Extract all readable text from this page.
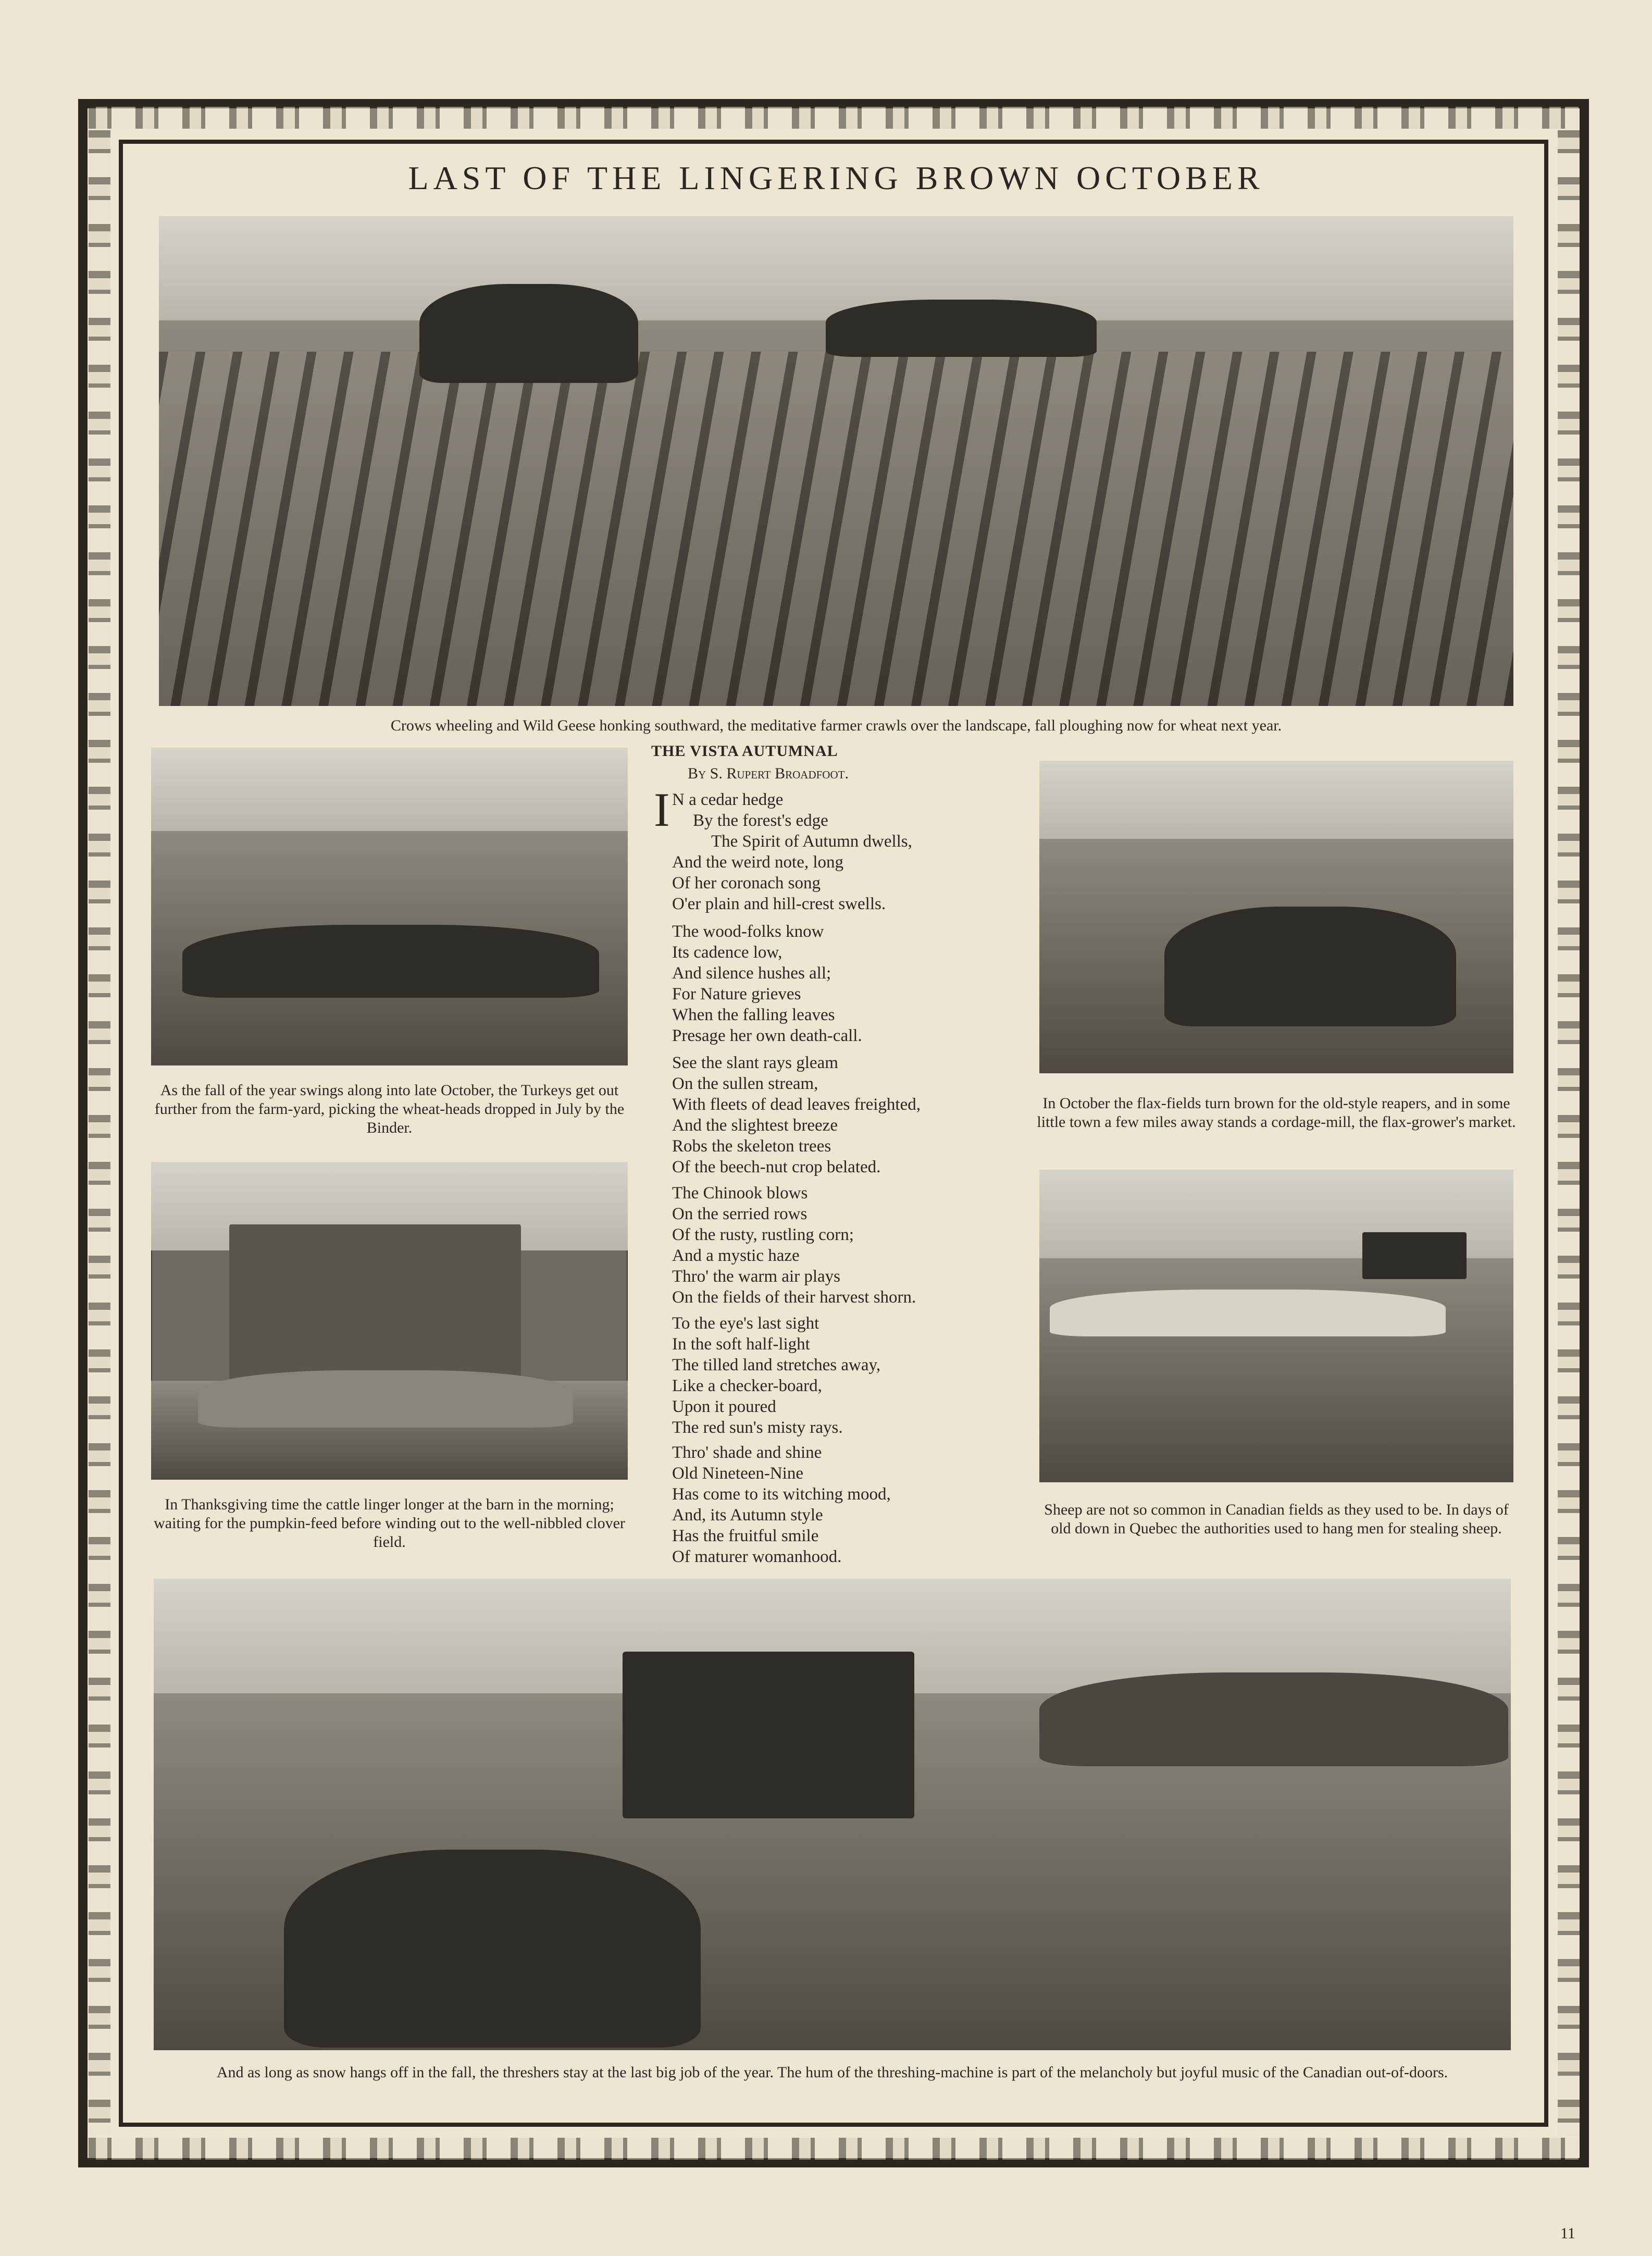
LAST OF THE LINGERING BROWN OCTOBER
Crows wheeling and Wild Geese honking southward, the meditative farmer crawls over the landscape, fall ploughing now for wheat next year.
As the fall of the year swings along into late October, the Turkeys get out further from the farm-yard, picking the wheat-heads dropped in July by the Binder.
In October the flax-fields turn brown for the old-style reapers, and in some little town a few miles away stands a cordage-mill, the flax-grower's market.
THE VISTA AUTUMNAL
By S. Rupert Broadfoot.
I N a cedar hedge
By the forest's edge
The Spirit of Autumn dwells,
And the weird note, long
Of her coronach song
O'er plain and hill-crest swells.
The wood-folks know
Its cadence low,
And silence hushes all;
For Nature grieves
When the falling leaves
Presage her own death-call.
See the slant rays gleam
On the sullen stream,
With fleets of dead leaves freighted,
And the slightest breeze
Robs the skeleton trees
Of the beech-nut crop belated.
The Chinook blows
On the serried rows
Of the rusty, rustling corn;
And a mystic haze
Thro' the warm air plays
On the fields of their harvest shorn.
To the eye's last sight
In the soft half-light
The tilled land stretches away,
Like a checker-board,
Upon it poured
The red sun's misty rays.
Thro' shade and shine
Old Nineteen-Nine
Has come to its witching mood,
And, its Autumn style
Has the fruitful smile
Of maturer womanhood.
In Thanksgiving time the cattle linger longer at the barn in the morning; waiting for the pumpkin-feed before winding out to the well-nibbled clover field.
Sheep are not so common in Canadian fields as they used to be. In days of old down in Quebec the authorities used to hang men for stealing sheep.
And as long as snow hangs off in the fall, the threshers stay at the last big job of the year. The hum of the threshing-machine is part of the melancholy but joyful music of the Canadian out-of-doors.
11
